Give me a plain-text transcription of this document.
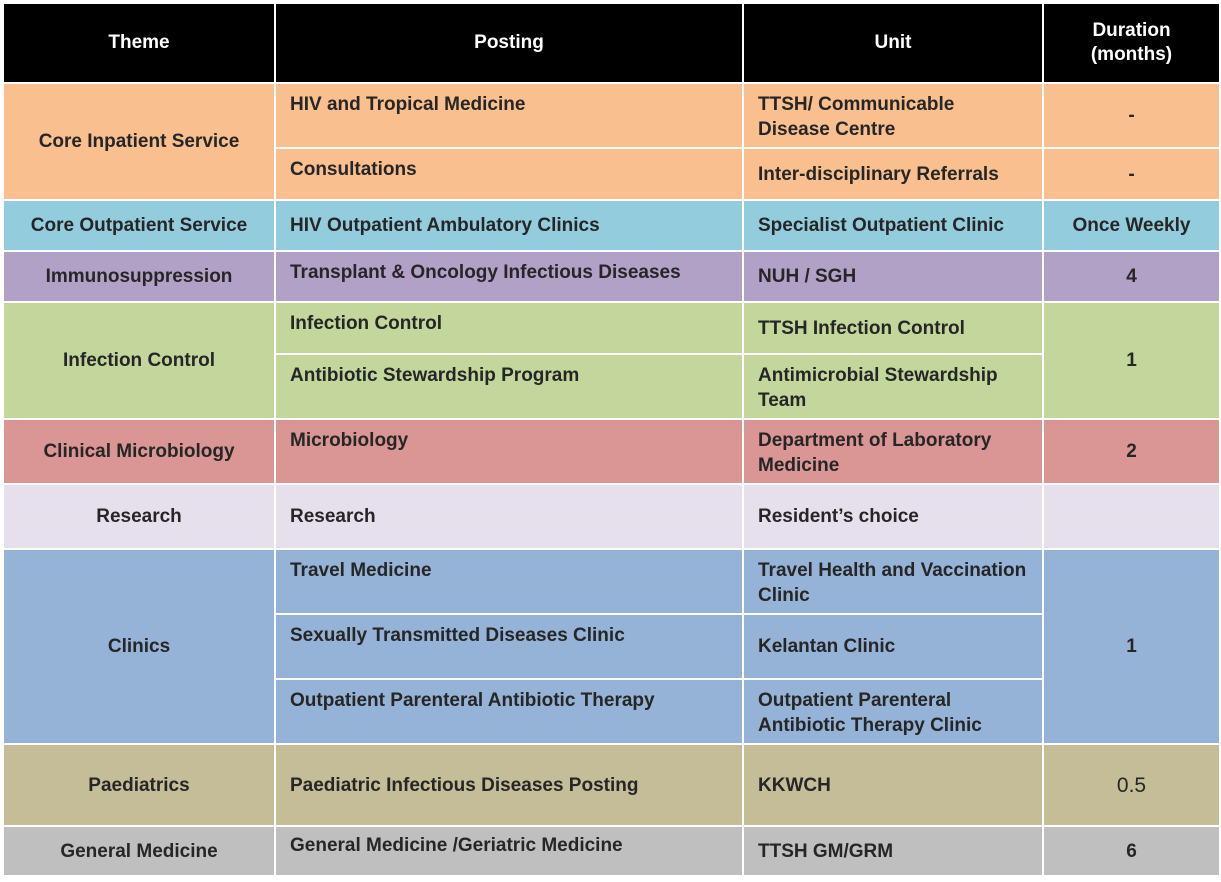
Theme	Posting	Unit	Duration
(months)
Core Inpatient Service	HIV and Tropical Medicine	TTSH/ Communicable Disease Centre	-
	Consultations	Inter-disciplinary Referrals	-
Core Outpatient Service	HIV Outpatient Ambulatory Clinics	Specialist Outpatient Clinic	Once Weekly
Immunosuppression	Transplant & Oncology Infectious Diseases	NUH / SGH	4
Infection Control	Infection Control	TTSH Infection Control	1
	Antibiotic Stewardship Program	Antimicrobial Stewardship Team	
Clinical Microbiology	Microbiology	Department of Laboratory Medicine	2
Research	Research	Resident’s choice	
Clinics	Travel Medicine	Travel Health and Vaccination Clinic	1
	Sexually Transmitted Diseases Clinic	Kelantan Clinic	
	Outpatient Parenteral Antibiotic Therapy	Outpatient Parenteral Antibiotic Therapy Clinic	
Paediatrics	Paediatric Infectious Diseases Posting	KKWCH	0.5
General Medicine	General Medicine /Geriatric Medicine	TTSH GM/GRM	6
